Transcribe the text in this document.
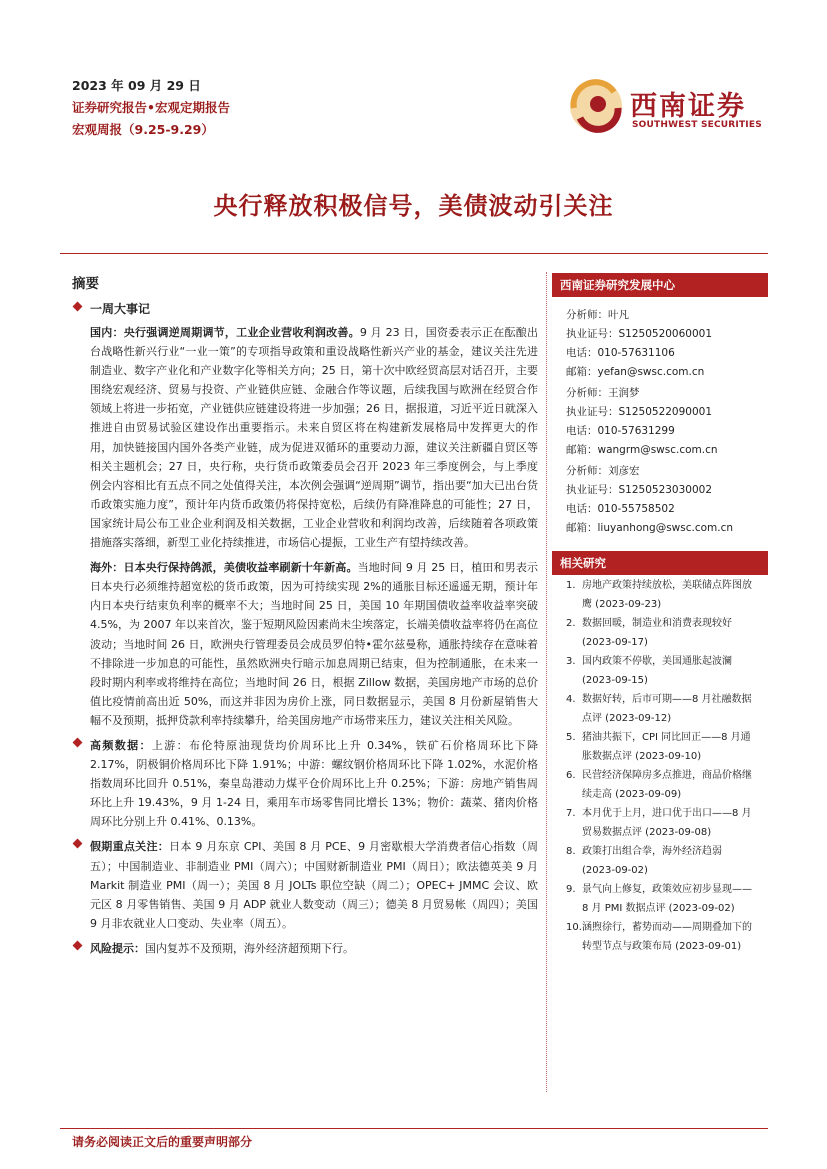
2023 年 09 月 29 日
证券研究报告•宏观定期报告
宏观周报（9.25-9.29）
西南证券
SOUTHWEST SECURITIES
央行释放积极信号，美债波动引关注
摘要
一周大事记

国内：央行强调逆周期调节，工业企业营收利润改善。9 月 23 日，国资委表示正在酝酿出台战略性新兴行业“一业一策”的专项指导政策和重设战略性新兴产业的基金，建议关注先进制造业、数字产业化和产业数字化等相关方向；25 日，第十次中欧经贸高层对话召开，主要围绕宏观经济、贸易与投资、产业链供应链、金融合作等议题，后续我国与欧洲在经贸合作领域上将进一步拓宽，产业链供应链建设将进一步加强；26 日，据报道，习近平近日就深入推进自由贸易试验区建设作出重要指示。未来自贸区将在构建新发展格局中发挥更大的作用，加快链接国内国外各类产业链，成为促进双循环的重要动力源，建议关注新疆自贸区等相关主题机会；27 日，央行称，央行货币政策委员会召开 2023 年三季度例会，与上季度例会内容相比有五点不同之处值得关注，本次例会强调“逆周期”调节，指出要“加大已出台货币政策实施力度”，预计年内货币政策仍将保持宽松，后续仍有降准降息的可能性；27 日，国家统计局公布工业企业利润及相关数据，工业企业营收和利润均改善，后续随着各项政策措施落实落细，新型工业化持续推进，市场信心提振，工业生产有望持续改善。

海外：日本央行保持鸽派，美债收益率刷新十年新高。当地时间 9 月 25 日，植田和男表示日本央行必须维持超宽松的货币政策，因为可持续实现 2%的通胀目标还遥遥无期，预计年内日本央行结束负利率的概率不大；当地时间 25 日，美国 10 年期国债收益率收益率突破 4.5%，为 2007 年以来首次，鉴于短期风险因素尚未尘埃落定，长端美债收益率将仍在高位波动；当地时间 26 日，欧洲央行管理委员会成员罗伯特•霍尔兹曼称，通胀持续存在意味着不排除进一步加息的可能性，虽然欧洲央行暗示加息周期已结束，但为控制通胀，在未来一段时期内利率或将维持在高位；当地时间 26 日，根据 Zillow 数据，美国房地产市场的总价值比疫情前高出近 50%，而这并非因为房价上涨，同日数据显示，美国 8 月份新屋销售大幅不及预期，抵押贷款利率持续攀升，给美国房地产市场带来压力，建议关注相关风险。

高频数据：上游：布伦特原油现货均价周环比上升 0.34%，铁矿石价格周环比下降 2.17%，阴极铜价格周环比下降 1.91%；中游：螺纹钢价格周环比下降 1.02%，水泥价格指数周环比回升 0.51%，秦皇岛港动力煤平仓价周环比上升 0.25%；下游：房地产销售周环比上升 19.43%，9 月 1-24 日，乘用车市场零售同比增长 13%；物价：蔬菜、猪肉价格周环比分别上升 0.41%、0.13%。

假期重点关注：日本 9 月东京 CPI、美国 8 月 PCE、9 月密歇根大学消费者信心指数（周五）；中国制造业、非制造业 PMI（周六）；中国财新制造业 PMI（周日）；欧法德英美 9 月 Markit 制造业 PMI（周一）；美国 8 月 JOLTs 职位空缺（周二）；OPEC+ JMMC 会议、欧元区 8 月零售销售、美国 9 月 ADP 就业人数变动（周三）；德美 8 月贸易帐（周四）；美国 9 月非农就业人口变动、失业率（周五）。

风险提示：国内复苏不及预期，海外经济超预期下行。

西南证券研究发展中心
分析师：叶凡
执业证号：S1250520060001
电话：010-57631106
邮箱：yefan@swsc.com.cn
分析师：王润梦
执业证号：S1250522090001
电话：010-57631299
邮箱：wangrm@swsc.com.cn
分析师：刘彦宏
执业证号：S1250523030002
电话：010-55758502
邮箱：liuyanhong@swsc.com.cn
相关研究
1. 房地产政策持续放松，美联储点阵图放
鹰 (2023-09-23)
2. 数据回暖，制造业和消费表现较好
(2023-09-17)
3. 国内政策不停歇，美国通胀起波澜
(2023-09-15)
4. 数据好转，后市可期——8 月社融数据
点评 (2023-09-12)
5. 猪油共振下，CPI 同比回正——8 月通
胀数据点评 (2023-09-10)
6. 民营经济保障房多点推进，商品价格继
续走高 (2023-09-09)
7. 本月优于上月，进口优于出口——8 月
贸易数据点评 (2023-09-08)
8. 政策打出组合拳，海外经济趋弱
(2023-09-02)
9. 景气向上修复，政策效应初步显现——
8 月 PMI 数据点评 (2023-09-02)
10. 涵煦徐行，蓄势而动——周期叠加下的
转型节点与政策布局 (2023-09-01)
请务必阅读正文后的重要声明部分
